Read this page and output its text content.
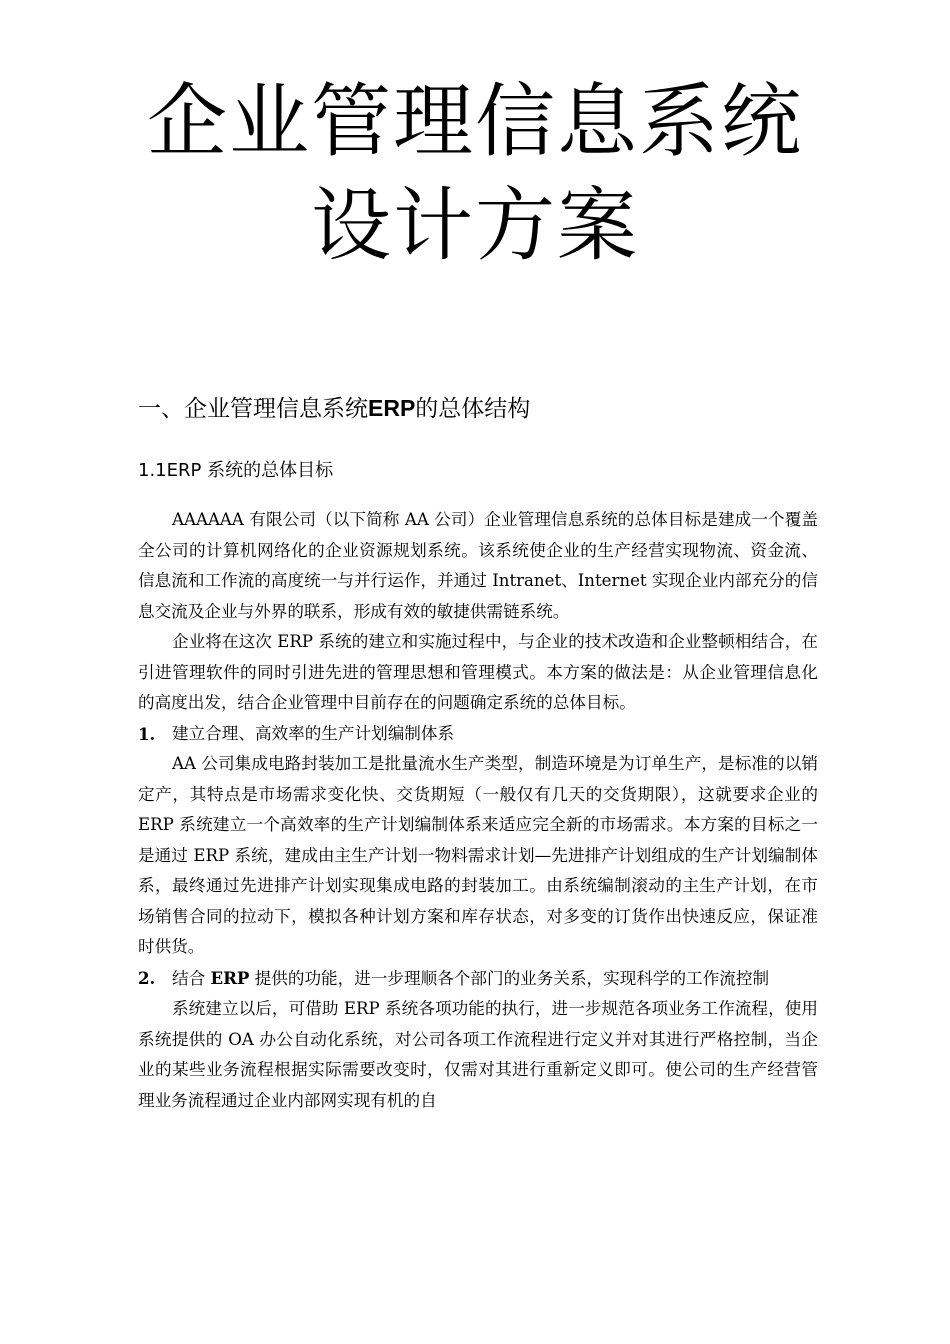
企业管理信息系统
设计方案
一、企业管理信息系统ERP的总体结构
1.1ERP 系统的总体目标

AAAAAA 有限公司（以下简称 AA 公司）企业管理信息系统的总体目标是建成一个覆盖全公司的计算机网络化的企业资源规划系统。该系统使企业的生产经营实现物流、资金流、信息流和工作流的高度统一与并行运作，并通过 Intranet、Internet 实现企业内部充分的信息交流及企业与外界的联系，形成有效的敏捷供需链系统。

企业将在这次 ERP 系统的建立和实施过程中，与企业的技术改造和企业整顿相结合，在引进管理软件的同时引进先进的管理思想和管理模式。本方案的做法是：从企业管理信息化的高度出发，结合企业管理中目前存在的问题确定系统的总体目标。

1. 建立合理、高效率的生产计划编制体系

AA 公司集成电路封装加工是批量流水生产类型，制造环境是为订单生产，是标准的以销定产，其特点是市场需求变化快、交货期短（一般仅有几天的交货期限），这就要求企业的 ERP 系统建立一个高效率的生产计划编制体系来适应完全新的市场需求。本方案的目标之一是通过 ERP 系统，建成由主生产计划一物料需求计划—先进排产计划组成的生产计划编制体系，最终通过先进排产计划实现集成电路的封装加工。由系统编制滚动的主生产计划，在市场销售合同的拉动下，模拟各种计划方案和库存状态，对多变的订货作出快速反应，保证准时供货。

2. 结合 ERP 提供的功能，进一步理顺各个部门的业务关系，实现科学的工作流控制

系统建立以后，可借助 ERP 系统各项功能的执行，进一步规范各项业务工作流程，使用系统提供的 OA 办公自动化系统，对公司各项工作流程进行定义并对其进行严格控制，当企业的某些业务流程根据实际需要改变时，仅需对其进行重新定义即可。使公司的生产经营管理业务流程通过企业内部网实现有机的自
